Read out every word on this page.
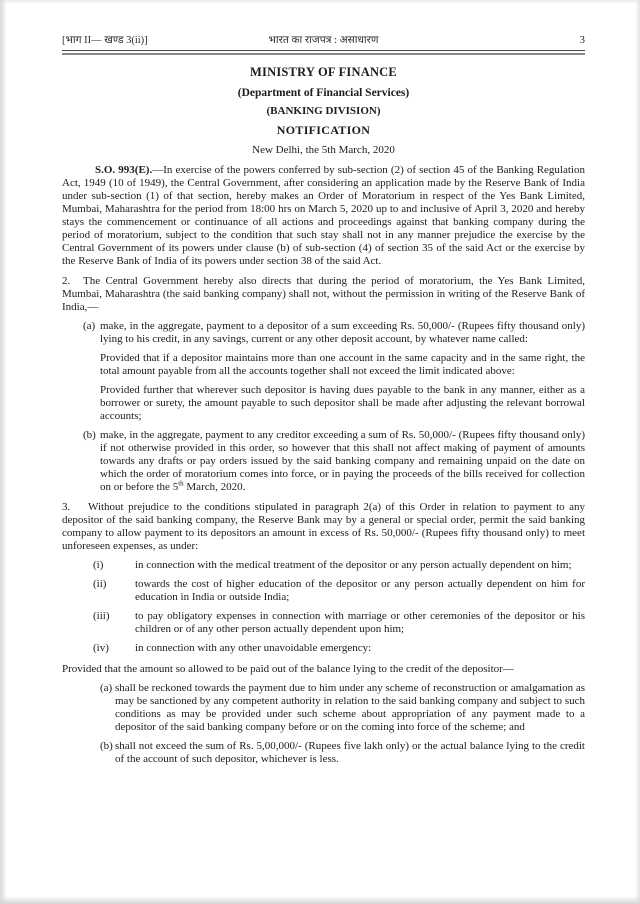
[भाग II— खण्ड 3(ii)]	भारत का राजपत्र : असाधारण	3
MINISTRY OF FINANCE
(Department of Financial Services)
(BANKING DIVISION)
NOTIFICATION
New Delhi, the 5th March, 2020

S.O. 993(E).—In exercise of the powers conferred by sub-section (2) of section 45 of the Banking Regulation Act, 1949 (10 of 1949), the Central Government, after considering an application made by the Reserve Bank of India under sub-section (1) of that section, hereby makes an Order of Moratorium in respect of the Yes Bank Limited, Mumbai, Maharashtra for the period from 18:00 hrs on March 5, 2020 up to and inclusive of April 3, 2020 and hereby stays the commencement or continuance of all actions and proceedings against that banking company during the period of moratorium, subject to the condition that such stay shall not in any manner prejudice the exercise by the Central Government of its powers under clause (b) of sub-section (4) of section 35 of the said Act or the exercise by the Reserve Bank of India of its powers under section 38 of the said Act.

2. The Central Government hereby also directs that during the period of moratorium, the Yes Bank Limited, Mumbai, Maharashtra (the said banking company) shall not, without the permission in writing of the Reserve Bank of India,—

(a) make, in the aggregate, payment to a depositor of a sum exceeding Rs. 50,000/- (Rupees fifty thousand only) lying to his credit, in any savings, current or any other deposit account, by whatever name called:
Provided that if a depositor maintains more than one account in the same capacity and in the same right, the total amount payable from all the accounts together shall not exceed the limit indicated above:
Provided further that wherever such depositor is having dues payable to the bank in any manner, either as a borrower or surety, the amount payable to such depositor shall be made after adjusting the relevant borrowal accounts;
(b) make, in the aggregate, payment to any creditor exceeding a sum of Rs. 50,000/- (Rupees fifty thousand only) if not otherwise provided in this order, so however that this shall not affect making of payment of amounts towards any drafts or pay orders issued by the said banking company and remaining unpaid on the date on which the order of moratorium comes into force, or in paying the proceeds of the bills received for collection on or before the 5th March, 2020.

3. Without prejudice to the conditions stipulated in paragraph 2(a) of this Order in relation to payment to any depositor of the said banking company, the Reserve Bank may by a general or special order, permit the said banking company to allow payment to its depositors an amount in excess of Rs. 50,000/- (Rupees fifty thousand only) to meet unforeseen expenses, as under:

(i)	in connection with the medical treatment of the depositor or any person actually dependent on him;
(ii)	towards the cost of higher education of the depositor or any person actually dependent on him for education in India or outside India;
(iii) to pay obligatory expenses in connection with marriage or other ceremonies of the depositor or his children or of any other person actually dependent upon him;
(iv) in connection with any other unavoidable emergency:
Provided that the amount so allowed to be paid out of the balance lying to the credit of the depositor—
(a) shall be reckoned towards the payment due to him under any scheme of reconstruction or amalgamation as may be sanctioned by any competent authority in relation to the said banking company and subject to such conditions as may be provided under such scheme about appropriation of any payment made to a depositor of the said banking company before or on the coming into force of the scheme; and
(b) shall not exceed the sum of Rs. 5,00,000/- (Rupees five lakh only) or the actual balance lying to the credit of the account of such depositor, whichever is less.
